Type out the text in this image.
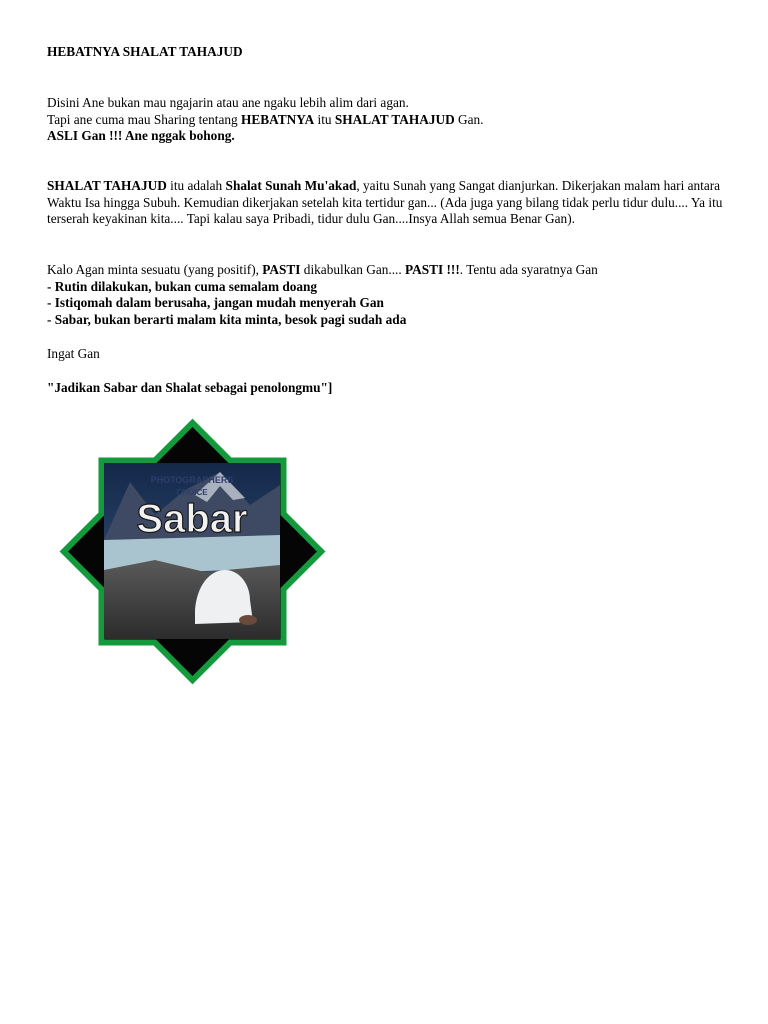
HEBATNYA SHALAT TAHAJUD

Disini Ane bukan mau ngajarin atau ane ngaku lebih alim dari agan.

Tapi ane cuma mau Sharing tentang HEBATNYA itu SHALAT TAHAJUD Gan.

ASLI Gan !!! Ane nggak bohong.

SHALAT TAHAJUD itu adalah Shalat Sunah Mu'akad, yaitu Sunah yang Sangat dianjurkan. Dikerjakan malam hari antara Waktu Isa hingga Subuh. Kemudian dikerjakan setelah kita tertidur gan... (Ada juga yang bilang tidak perlu tidur dulu.... Ya itu terserah keyakinan kita.... Tapi kalau saya Pribadi, tidur dulu Gan....Insya Allah semua Benar Gan).

Kalo Agan minta sesuatu (yang positif), PASTI dikabulkan Gan.... PASTI !!!. Tentu ada syaratnya Gan

- Rutin dilakukan, bukan cuma semalam doang

- Istiqomah dalam berusaha, jangan mudah menyerah Gan

- Sabar, bukan berarti malam kita minta, besok pagi sudah ada

Ingat Gan

"Jadikan Sabar dan Shalat sebagai penolongmu"]

PHOTOGRAPHERS
CHOICE
Sabar
